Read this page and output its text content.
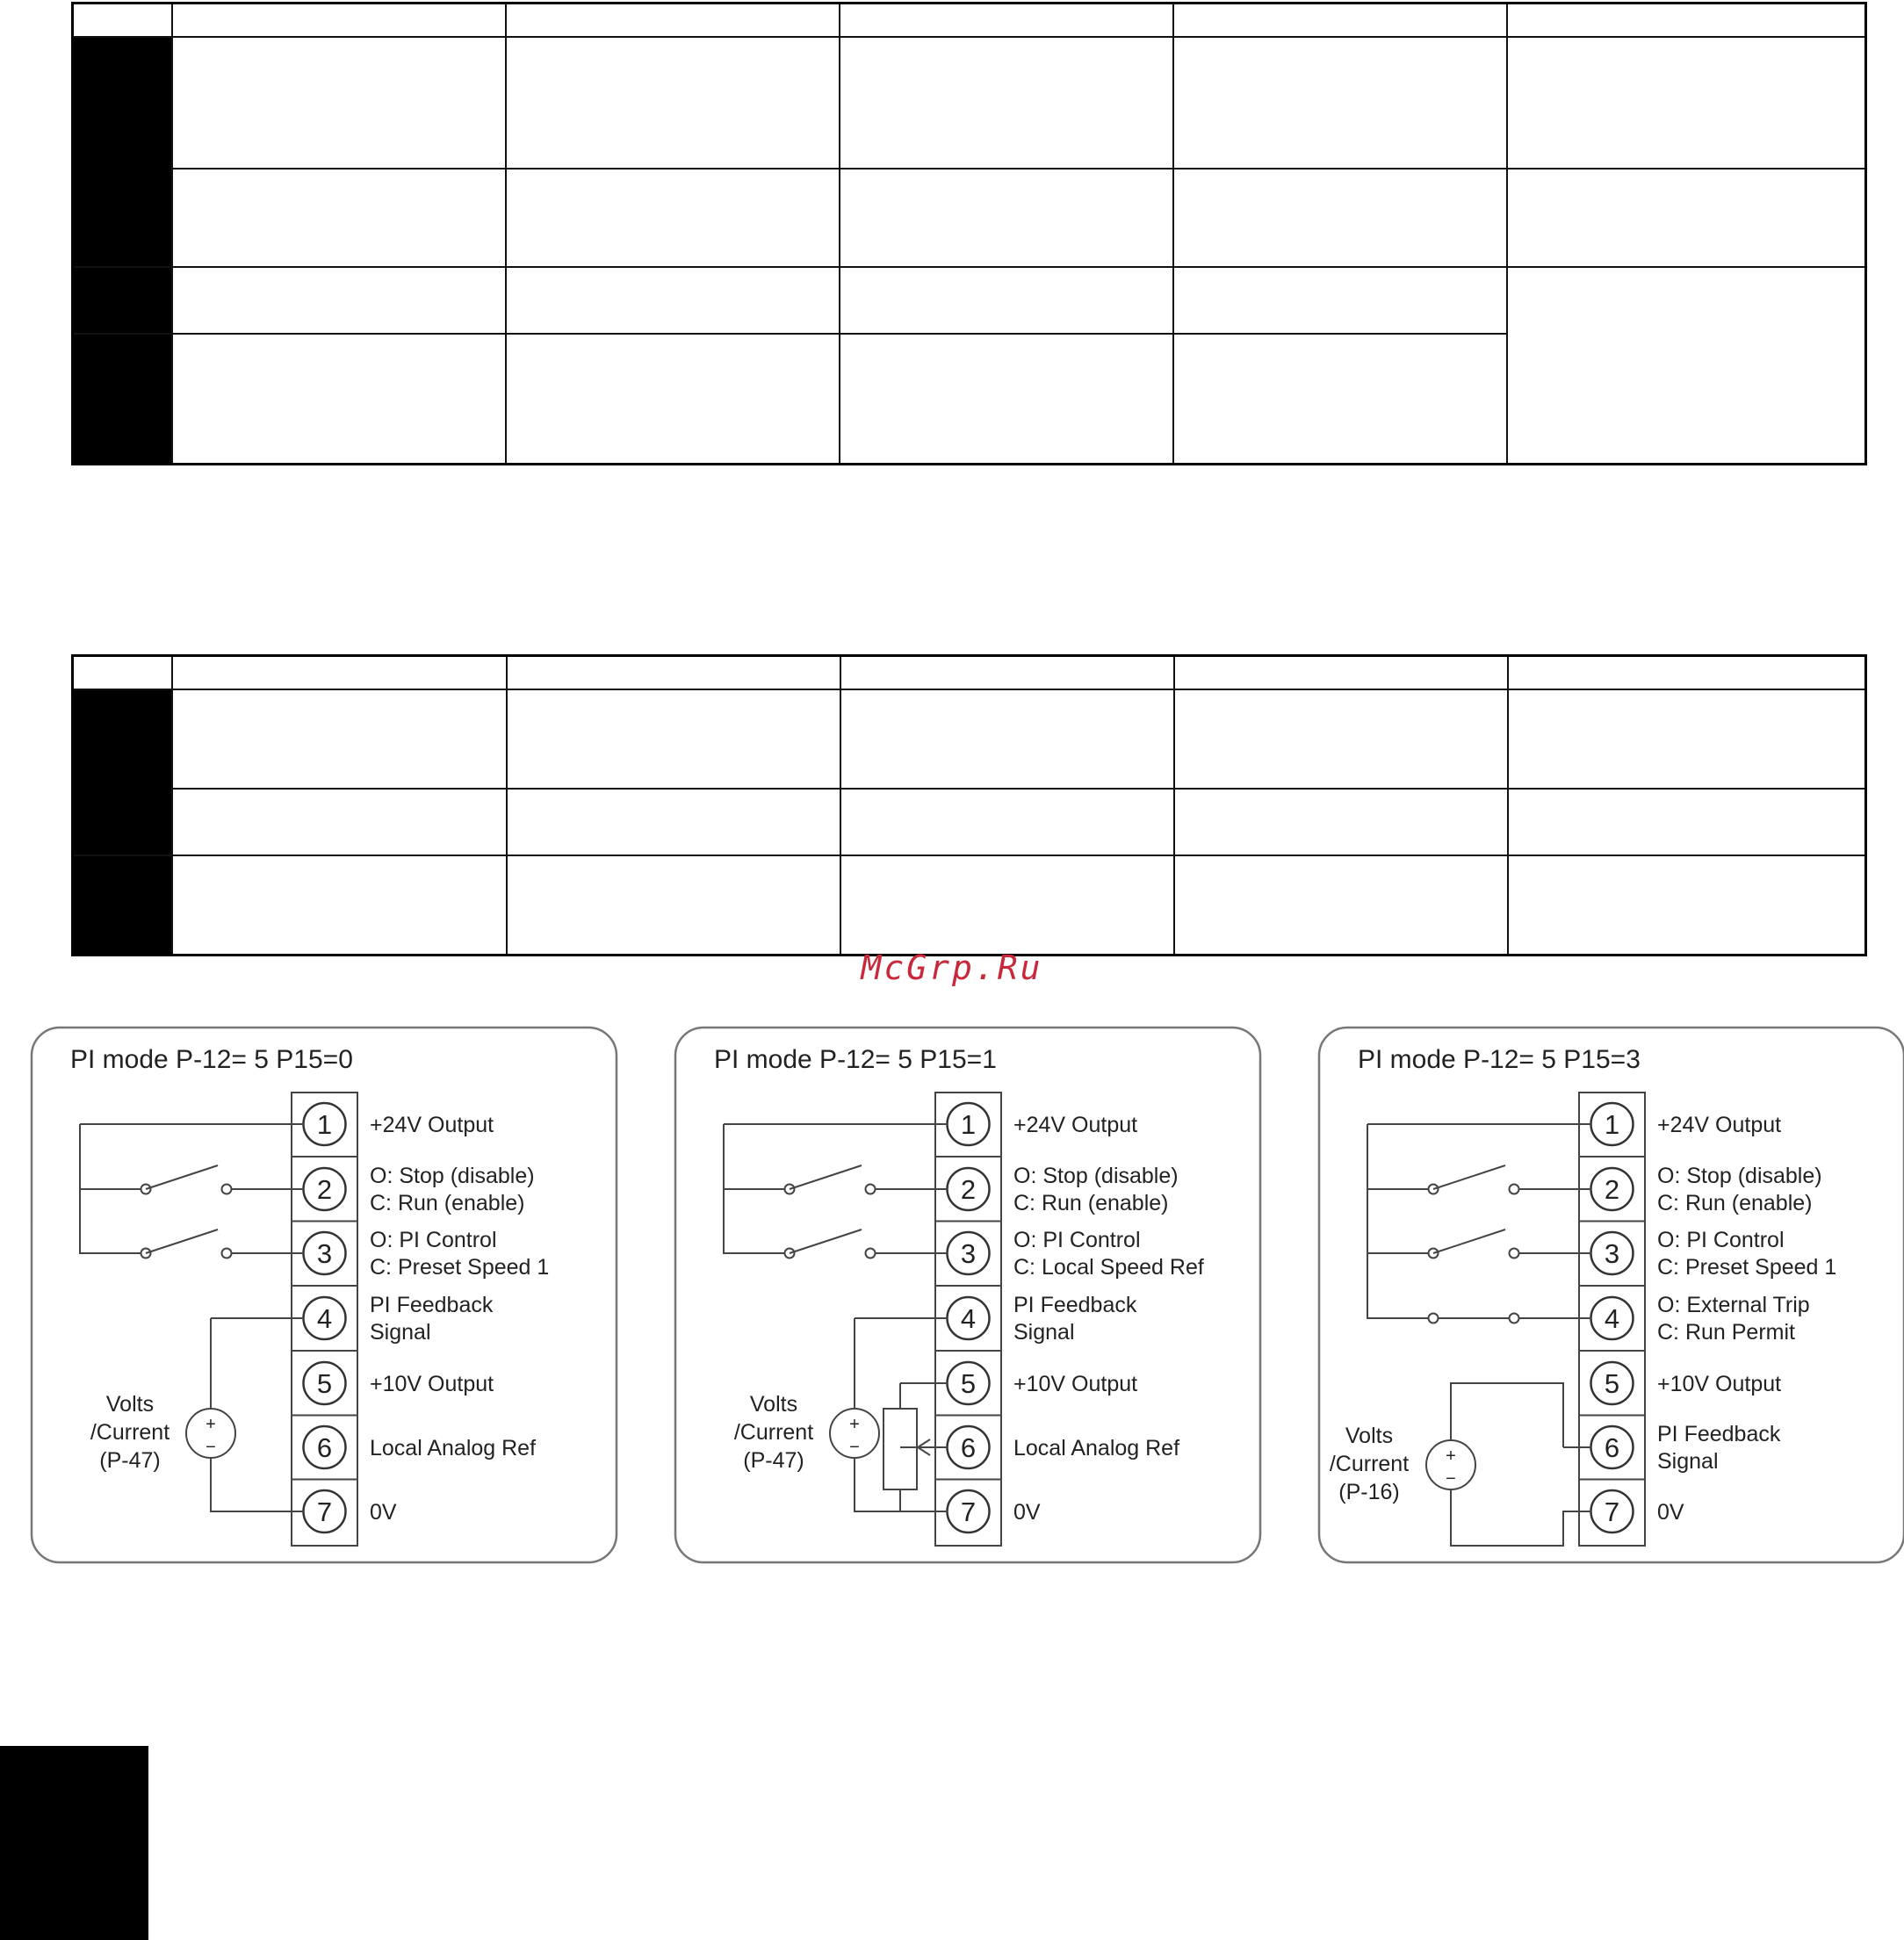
McGrp.Ru
PI mode P-12= 5 P15=0
1 +24V Output
2 O: Stop (disable)
C: Run (enable)
3 O: PI Control
C: Preset Speed 1
4 PI Feedback
Signal
5 +10V Output
6 Local Analog Ref
7 0V
+
−
Volts
/Current
(P-47)
PI mode P-12= 5 P15=1
1 +24V Output
2 O: Stop (disable)
C: Run (enable)
3 O: PI Control
C: Local Speed Ref
4 PI Feedback
Signal
5 +10V Output
6 Local Analog Ref
7 0V
+
−
Volts
/Current
(P-47)
PI mode P-12= 5 P15=3
1 +24V Output
2 O: Stop (disable)
C: Run (enable)
3 O: PI Control
C: Preset Speed 1
4 O: External Trip
C: Run Permit
5 +10V Output
6 PI Feedback
Signal
7 0V
+
−
Volts
/Current
(P-16)
